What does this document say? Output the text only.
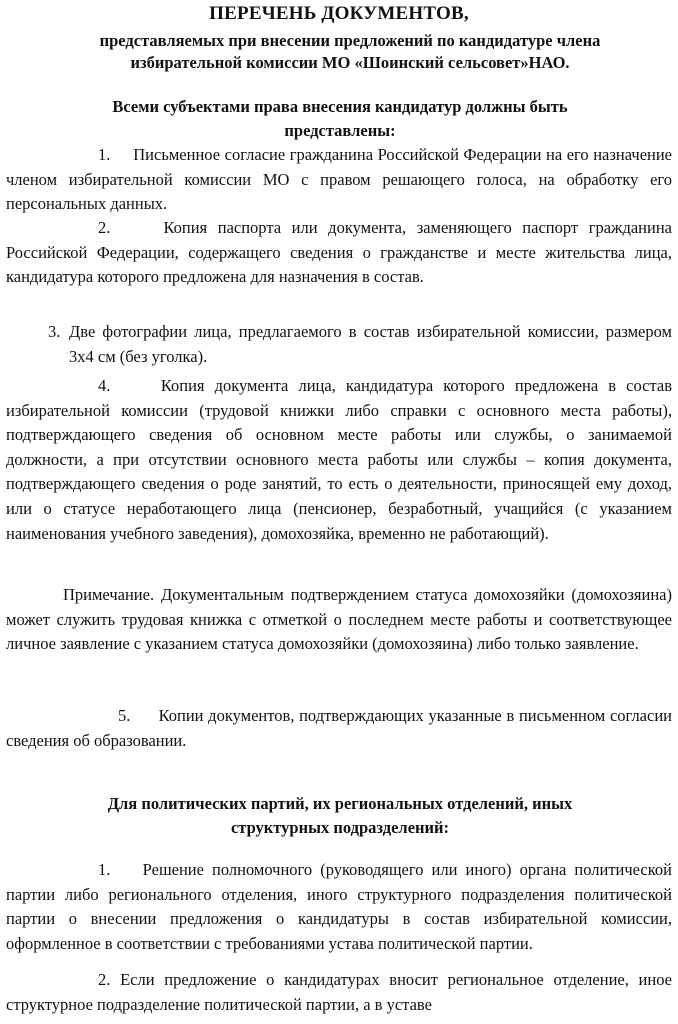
ПЕРЕЧЕНЬ ДОКУМЕНТОВ,
представляемых при внесении предложений по кандидатуре члена
избирательной комиссии МО «Шоинский сельсовет»НАО.
Всеми субъектами права внесения кандидатур должны быть
представлены:
1. Письменное согласие гражданина Российской Федерации на его назначение членом избирательной комиссии МО с правом решающего голоса, на обработку его персональных данных.
2.	Копия паспорта или документа, заменяющего паспорт гражданина Российской Федерации, содержащего сведения о гражданстве и месте жительства лица, кандидатура которого предложена для назначения в состав.
3. Две фотографии лица, предлагаемого в состав избирательной комиссии, размером 3х4 см (без уголка).
4.	Копия документа лица, кандидатура которого предложена в состав избирательной комиссии (трудовой книжки либо справки с основного места работы), подтверждающего сведения об основном месте работы или службы, о занимаемой должности, а при отсутствии основного места работы или службы – копия документа, подтверждающего сведения о роде занятий, то есть о деятельности, приносящей ему доход, или о статусе неработающего лица (пенсионер, безработный, учащийся (с указанием наименования учебного заведения), домохозяйка, временно не работающий).
Примечание. Документальным подтверждением статуса домохозяйки (домохозяина) может служить трудовая книжка с отметкой о последнем месте работы и соответствующее личное заявление с указанием статуса домохозяйки (домохозяина) либо только заявление.
5. Копии документов, подтверждающих указанные в письменном согласии сведения об образовании.
Для политических партий, их региональных отделений, иных
структурных подразделений:
1. Решение полномочного (руководящего или иного) органа политической партии либо регионального отделения, иного структурного подразделения политической партии о внесении предложения о кандидатуры в состав избирательной комиссии, оформленное в соответствии с требованиями устава политической партии.
2. Если предложение о кандидатурах вносит региональное отделение, иное структурное подразделение политической партии, а в уставе
